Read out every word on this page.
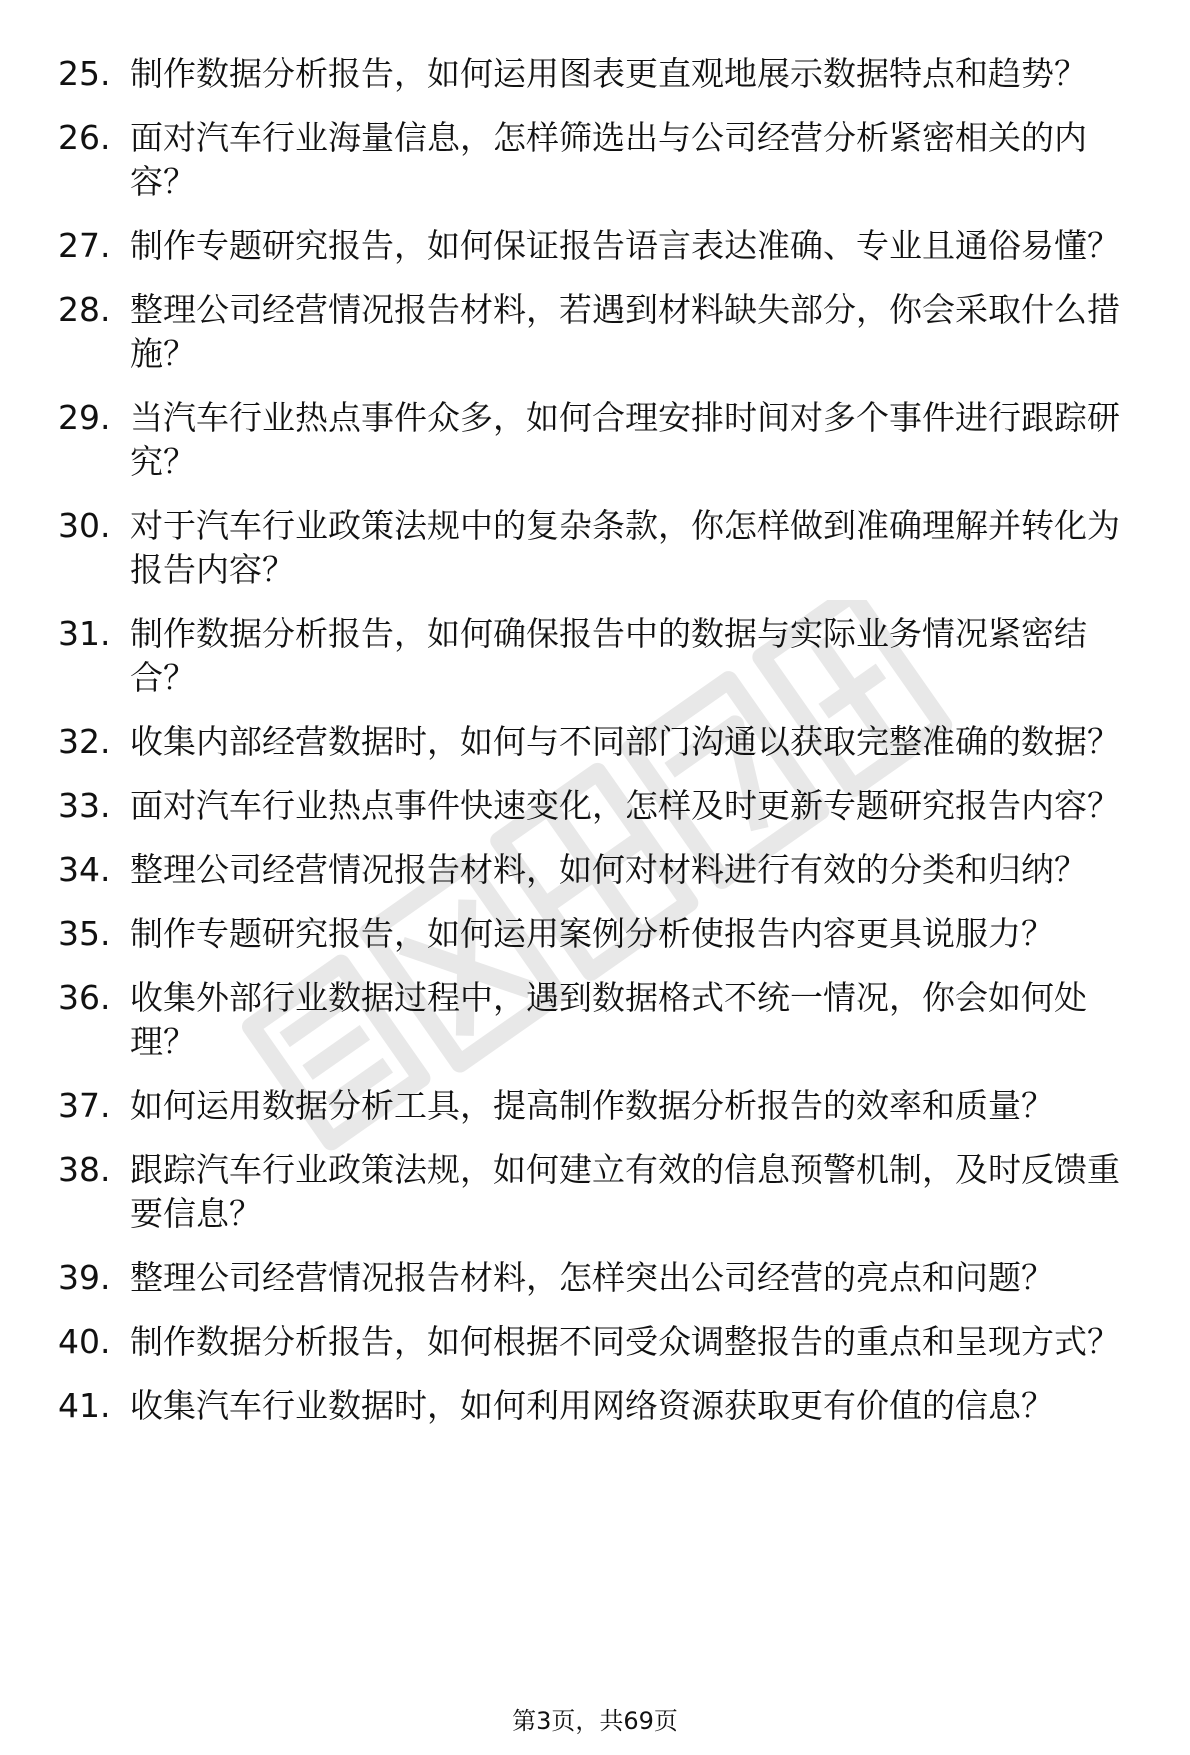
25. 制作数据分析报告，如何运用图表更直观地展示数据特点和趋势？
26. 面对汽车行业海量信息，怎样筛选出与公司经营分析紧密相关的内容？
27. 制作专题研究报告，如何保证报告语言表达准确、专业且通俗易懂？
28. 整理公司经营情况报告材料，若遇到材料缺失部分，你会采取什么措施？
29. 当汽车行业热点事件众多，如何合理安排时间对多个事件进行跟踪研究？
30. 对于汽车行业政策法规中的复杂条款，你怎样做到准确理解并转化为报告内容？
31. 制作数据分析报告，如何确保报告中的数据与实际业务情况紧密结合？
32. 收集内部经营数据时，如何与不同部门沟通以获取完整准确的数据？
33. 面对汽车行业热点事件快速变化，怎样及时更新专题研究报告内容？
34. 整理公司经营情况报告材料，如何对材料进行有效的分类和归纳？
35. 制作专题研究报告，如何运用案例分析使报告内容更具说服力？
36. 收集外部行业数据过程中，遇到数据格式不统一情况，你会如何处理？
37. 如何运用数据分析工具，提高制作数据分析报告的效率和质量？
38. 跟踪汽车行业政策法规，如何建立有效的信息预警机制，及时反馈重要信息？
39. 整理公司经营情况报告材料，怎样突出公司经营的亮点和问题？
40. 制作数据分析报告，如何根据不同受众调整报告的重点和呈现方式？
41. 收集汽车行业数据时，如何利用网络资源获取更有价值的信息？
第3页，共69页
